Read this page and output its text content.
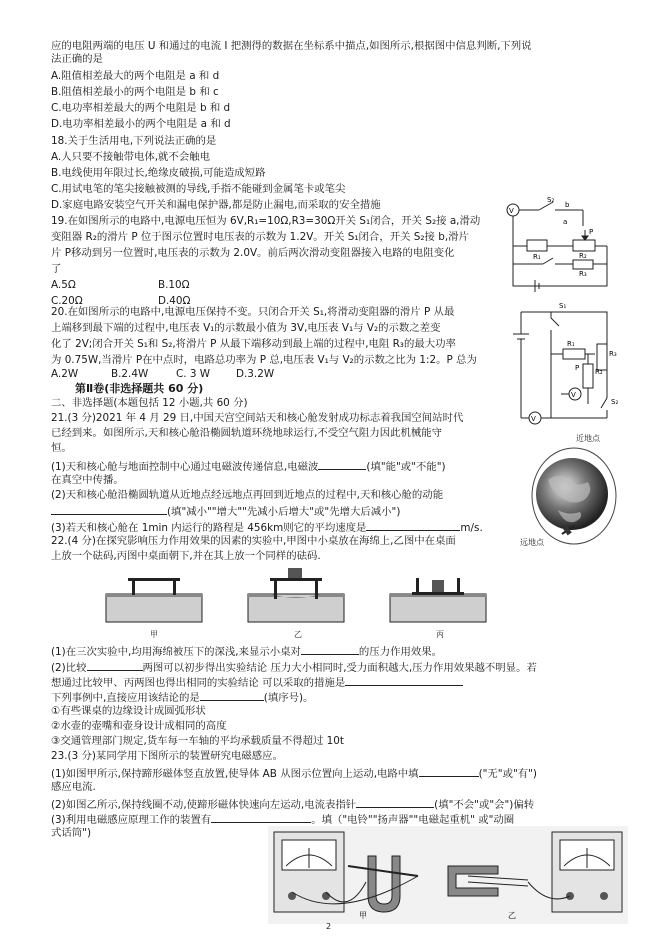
应的电阻两端的电压 U 和通过的电流 I 把测得的数据在坐标系中描点,如图所示,根据图中信息判断,下列说
法正确的是
A.阻值相差最大的两个电阻是 a 和 d
B.阻值相差最小的两个电阻是 b 和 c
C.电功率相差最大的两个电阻是 b 和 d
D.电功率相差最小的两个电阻是 a 和 d
18.关于生活用电,下列说法正确的是
A.人只要不接触带电体,就不会触电
B.电线使用年限过长,绝缘皮破损,可能造成短路
C.用试电笔的笔尖接触被测的导线,手指不能碰到金属笔卡或笔尖
D.家庭电路安装空气开关和漏电保护器,都是防止漏电,而采取的安全措施
19.在如图所示的电路中,电源电压恒为 6V,R₁=10Ω,R3=30Ω开关 S₁闭合，开关 S₂接 a,滑动
变阻器 R₂的滑片 P 位于图示位置时电压表的示数为 1.2V。开关 S₁闭合，开关 S₂接 b,滑片
片 P移动到另一位置时,电压表的示数为 2.0V。前后两次滑动变阻器接入电路的电阻变化
了
A.5Ω	B.10Ω
C.20Ω	D.40Ω
V
S₂
b
a
R₁	R₂
P
R₃
20.在如图所示的电路中,电源电压保持不变。只闭合开关 S₁,将滑动变阻器的滑片 P 从最
上端移到最下端的过程中,电压表 V₁的示数最小值为 3V,电压表 V₁与 V₂的示数之差变
化了 2V;闭合开关 S₁和 S₂,将滑片 P 从最下端移动到最上端的过程中,电阻 R₃的最大功率
为 0.75W,当滑片 P在中点时，电路总功率为 P 总,电压表 V₁与 V₂的示数之比为 1:2。P 总为
A.2W	B.2.4W	C. 3 W D.3.2W
V
V
S₁
R₁
R₃
R₂
P
S₂
第Ⅱ卷(非选择题共 60 分)
二、非选择题(本题包括 12 小题,共 60 分)
21.(3 分)2021 年 4 月 29 日,中国天宫空间站天和核心舱发射成功标志着我国空间站时代
已经到来。如图所示,天和核心舱沿椭圆轨道环绕地球运行,不受空气阻力因此机械能守
恒。
(1)天和核心舱与地面控制中心通过电磁波传递信息,电磁波	(填"能"或"不能")
在真空中传播。
(2)天和核心舱沿椭圆轨道从近地点经远地点再回到近地点的过程中,天和核心舱的动能
(填"减小""增大""先减小后增大"或"先增大后减小")
(3)若天和核心舱在 1min 内运行的路程是 456km则它的平均速度是	m/s.
近地点
远地点
22.(4 分)在探究影响压力作用效果的因素的实验中,甲图中小桌放在海绵上,乙图中在桌面
上放一个砝码,丙图中桌面朝下,并在其上放一个同样的砝码.
甲	乙	丙
(1)在三次实验中,均用海绵被压下的深浅,来显示小桌对	的压力作用效果。
(2)比较	两图可以初步得出实验结论 压力大小相同时,受力面积越大,压力作用效果越不明显。若
想通过比较甲、丙两图也得出相同的实验结论 可以采取的措施是
下列事例中,直接应用该结论的是	(填序号)。
①有些课桌的边缘设计成圆弧形状
②水壶的壶嘴和壶身设计成相同的高度
③交通管理部门规定,货车每一车轴的平均承载质量不得超过 10t
23.(3 分)某同学用下图所示的装置研究电磁感应。
(1)如图甲所示,保持蹄形磁体竖直放置,使导体 AB 从图示位置向上运动,电路中填	("无"或"有")
感应电流.
(2)如图乙所示,保持线圈不动,使蹄形磁体快速向左运动,电流表指针	(填"不会"或"会")偏转
(3)利用电磁感应原理工作的装置有	。填（"电铃""扬声器""电磁起重机" 或"动圈
式话筒")
甲	乙
2
